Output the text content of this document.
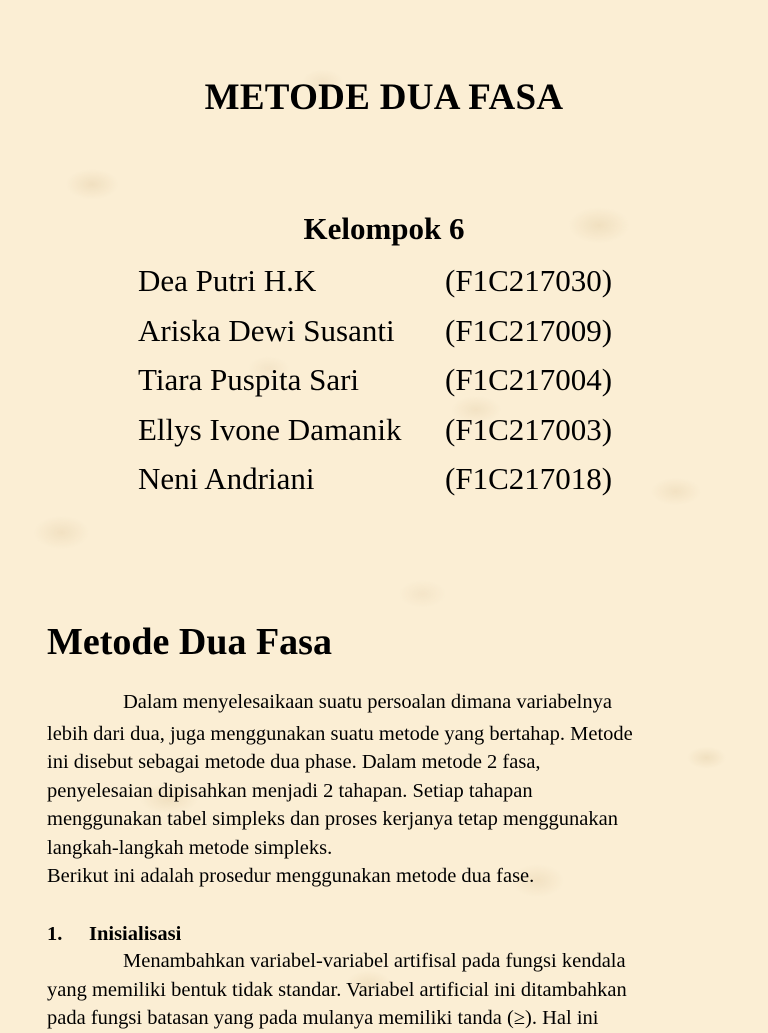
METODE DUA FASA
Kelompok 6
Dea Putri H.K	(F1C217030)
Ariska Dewi Susanti	(F1C217009)
Tiara Puspita Sari	(F1C217004)
Ellys Ivone Damanik	(F1C217003)
Neni Andriani	(F1C217018)
Metode Dua Fasa
Dalam menyelesaikaan suatu persoalan dimana variabelnya
lebih dari dua, juga menggunakan suatu metode yang bertahap. Metode
ini disebut sebagai metode dua phase. Dalam metode 2 fasa,
penyelesaian dipisahkan menjadi 2 tahapan. Setiap tahapan
menggunakan tabel simpleks dan proses kerjanya tetap menggunakan
langkah-langkah metode simpleks.
Berikut ini adalah prosedur menggunakan metode dua fase.
1. Inisialisasi
Menambahkan variabel-variabel artifisal pada fungsi kendala
yang memiliki bentuk tidak standar. Variabel artificial ini ditambahkan
pada fungsi batasan yang pada mulanya memiliki tanda (≥). Hal ini
